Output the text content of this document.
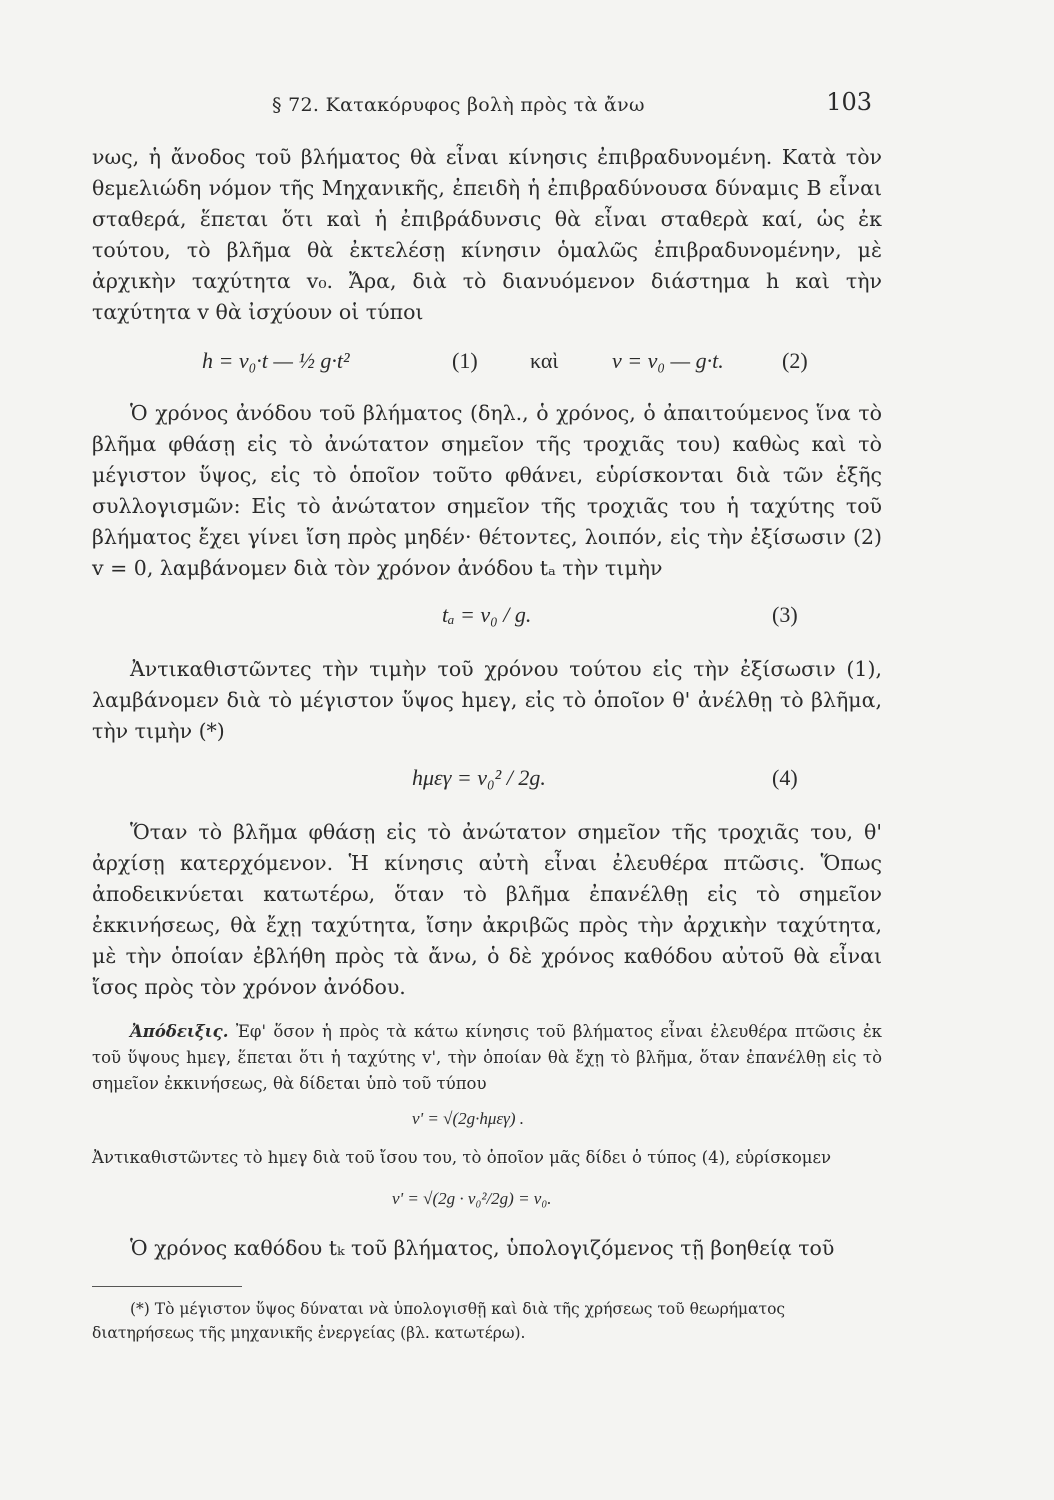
§ 72. Κατακόρυφος βολὴ πρὸς τὰ ἄνω	103

νως, ἡ ἄνοδος τοῦ βλήματος θὰ εἶναι κίνησις ἐπιβραδυνομένη. Κατὰ τὸν θεμελιώδη νόμον τῆς Μηχανικῆς, ἐπειδὴ ἡ ἐπιβραδύνουσα δύναμις B εἶναι σταθερά, ἕπεται ὅτι καὶ ἡ ἐπιβράδυνσις θὰ εἶναι σταθερὰ καί, ὡς ἐκ τούτου, τὸ βλῆμα θὰ ἐκτελέσῃ κίνησιν ὁμαλῶς ἐπιβραδυνομένην, μὲ ἀρχικὴν ταχύτητα v₀. Ἄρα, διὰ τὸ διανυόμενον διάστημα h καὶ τὴν ταχύτητα v θὰ ἰσχύουν οἱ τύποι

h = v₀·t — ½ g·t²	(1) καὶ v = v₀ — g·t.	(2)

Ὁ χρόνος ἀνόδου τοῦ βλήματος (δηλ., ὁ χρόνος, ὁ ἀπαιτούμενος ἵνα τὸ βλῆμα φθάσῃ εἰς τὸ ἀνώτατον σημεῖον τῆς τροχιᾶς του) καθὼς καὶ τὸ μέγιστον ὕψος, εἰς τὸ ὁποῖον τοῦτο φθάνει, εὑρίσκονται διὰ τῶν ἑξῆς συλλογισμῶν: Εἰς τὸ ἀνώτατον σημεῖον τῆς τροχιᾶς του ἡ ταχύτης τοῦ βλήματος ἔχει γίνει ἴση πρὸς μηδέν· θέτοντες, λοιπόν, εἰς τὴν ἐξίσωσιν (2) v = 0, λαμβάνομεν διὰ τὸν χρόνον ἀνόδου tₐ τὴν τιμὴν

tₐ = v₀ / g.	(3)

Ἀντικαθιστῶντες τὴν τιμὴν τοῦ χρόνου τούτου εἰς τὴν ἐξίσωσιν (1), λαμβάνομεν διὰ τὸ μέγιστον ὕψος hμεγ, εἰς τὸ ὁποῖον θ' ἀνέλθῃ τὸ βλῆμα, τὴν τιμὴν (*)

hμεγ = v₀² / 2g.	(4)

Ὅταν τὸ βλῆμα φθάσῃ εἰς τὸ ἀνώτατον σημεῖον τῆς τροχιᾶς του, θ' ἀρχίσῃ κατερχόμενον. Ἡ κίνησις αὐτὴ εἶναι ἐλευθέρα πτῶσις. Ὅπως ἀποδεικνύεται κατωτέρω, ὅταν τὸ βλῆμα ἐπανέλθῃ εἰς τὸ σημεῖον ἐκκινήσεως, θὰ ἔχῃ ταχύτητα, ἴσην ἀκριβῶς πρὸς τὴν ἀρχικὴν ταχύτητα, μὲ τὴν ὁποίαν ἐβλήθη πρὸς τὰ ἄνω, ὁ δὲ χρόνος καθόδου αὐτοῦ θὰ εἶναι ἴσος πρὸς τὸν χρόνον ἀνόδου.

Ἀπόδειξις. Ἐφ' ὅσον ἡ πρὸς τὰ κάτω κίνησις τοῦ βλήματος εἶναι ἐλευθέρα πτῶσις ἐκ τοῦ ὕψους hμεγ, ἕπεται ὅτι ἡ ταχύτης v', τὴν ὁποίαν θὰ ἔχῃ τὸ βλῆμα, ὅταν ἐπανέλθῃ εἰς τὸ σημεῖον ἐκκινήσεως, θὰ δίδεται ὑπὸ τοῦ τύπου

v' = √(2g·hμεγ) .

Ἀντικαθιστῶντες τὸ hμεγ διὰ τοῦ ἴσου του, τὸ ὁποῖον μᾶς δίδει ὁ τύπος (4), εὑρίσκομεν

v' = √(2g · v₀²/2g) = v₀.

Ὁ χρόνος καθόδου tₖ τοῦ βλήματος, ὑπολογιζόμενος τῇ βοηθείᾳ τοῦ

(*) Τὸ μέγιστον ὕψος δύναται νὰ ὑπολογισθῇ καὶ διὰ τῆς χρήσεως τοῦ θεωρήματος διατηρήσεως τῆς μηχανικῆς ἐνεργείας (βλ. κατωτέρω).
